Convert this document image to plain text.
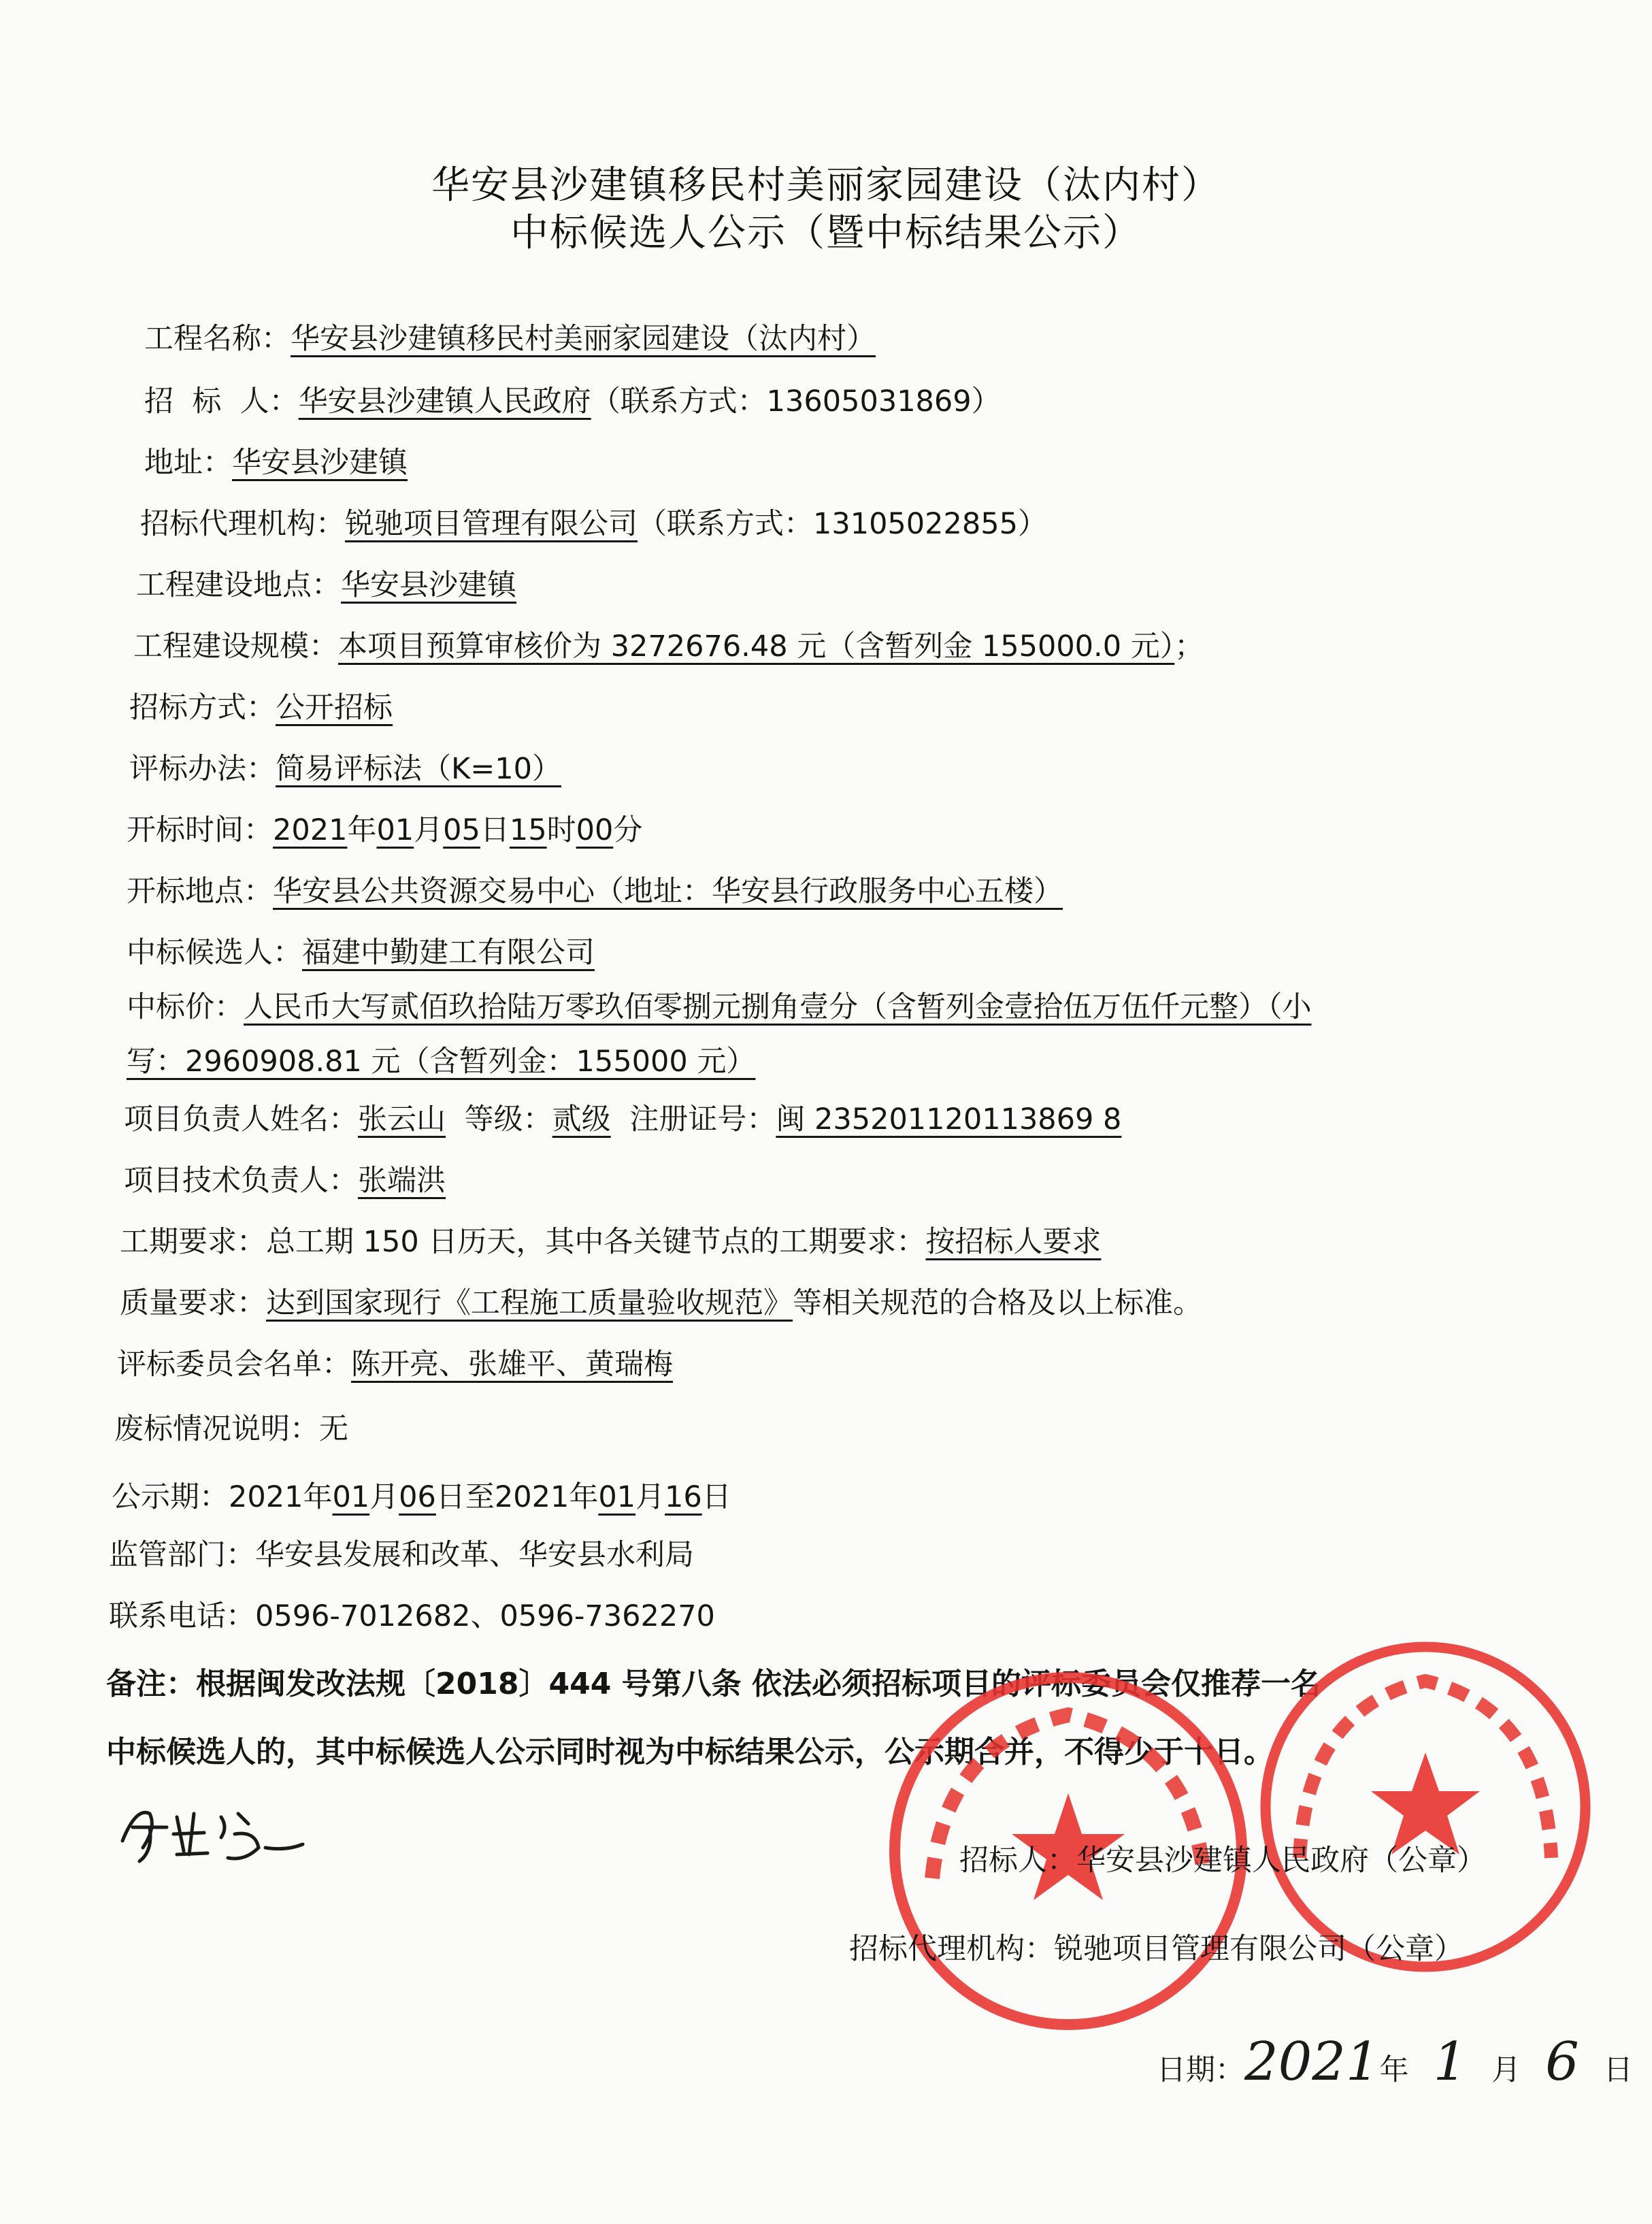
华安县沙建镇移民村美丽家园建设（汰内村）
中标候选人公示（暨中标结果公示）
工程名称：华安县沙建镇移民村美丽家园建设（汰内村）
招  标  人：华安县沙建镇人民政府（联系方式：13605031869）
地址：华安县沙建镇
招标代理机构：锐驰项目管理有限公司（联系方式：13105022855）
工程建设地点：华安县沙建镇
工程建设规模：本项目预算审核价为 3272676.48 元（含暂列金 155000.0 元）；
招标方式：公开招标
评标办法：简易评标法（K=10）
开标时间：2021年01月05日15时00分
开标地点：华安县公共资源交易中心（地址：华安县行政服务中心五楼）
中标候选人：福建中勤建工有限公司
中标价：人民币大写贰佰玖拾陆万零玖佰零捌元捌角壹分（含暂列金壹拾伍万伍仟元整）（小
写：2960908.81 元（含暂列金：155000 元）
项目负责人姓名：张云山 等级：贰级 注册证号：闽 235201120113869 8
项目技术负责人：张端洪
工期要求：总工期 150 日历天，其中各关键节点的工期要求：按招标人要求
质量要求：达到国家现行《工程施工质量验收规范》等相关规范的合格及以上标准。
评标委员会名单：陈开亮、张雄平、黄瑞梅
废标情况说明：无
公示期：2021年01月06日至2021年01月16日
监管部门：华安县发展和改革、华安县水利局
联系电话：0596-7012682、0596-7362270
备注：根据闽发改法规〔2018〕444 号第八条 依法必须招标项目的评标委员会仅推荐一名
中标候选人的，其中标候选人公示同时视为中标结果公示，公示期合并，不得少于十日。
招标人：华安县沙建镇人民政府（公章）
招标代理机构：锐驰项目管理有限公司（公章）
日期：2021年 1 月 6 日
